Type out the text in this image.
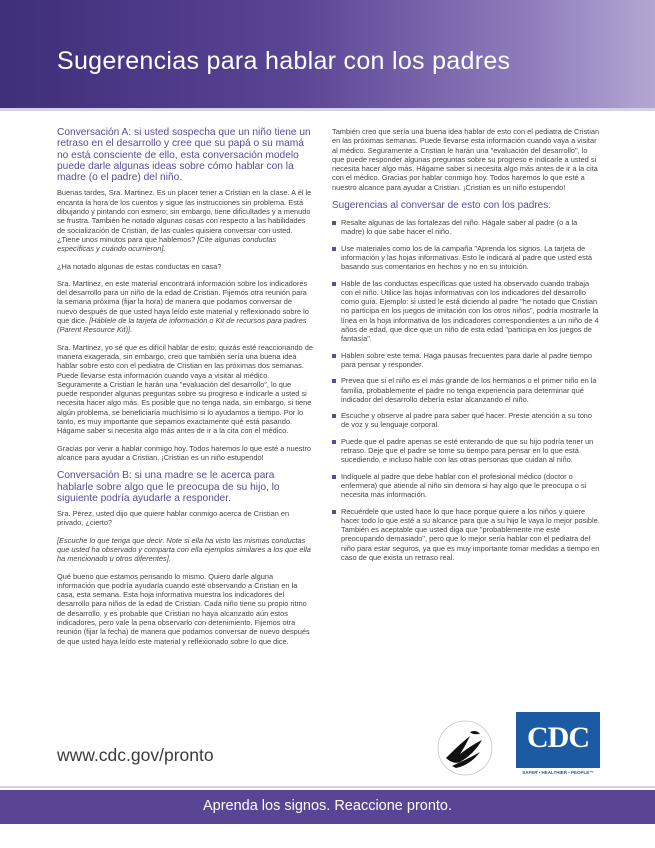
Sugerencias para hablar con los padres
Conversación A: si usted sospecha que un niño tiene un retraso en el desarrollo y cree que su papá o su mamá no está consciente de ello, esta conversación modelo puede darle algunas ideas sobre cómo hablar con la madre (o el padre) del niño.
Buenas tardes, Sra. Martinez. Es un placer tener a Cristian en la clase. A él le encanta la hora de los cuentos y sigue las instrucciones sin problema. Está dibujando y pintando con esmero; sin embargo, tiene dificultades y a menudo se frustra. También he notado algunas cosas con respecto a las habilidades de socialización de Cristian, de las cuales quisiera conversar con usted. ¿Tiene unos minutos para que hablemos? [Cite algunas conductas específicas y cuándo ocurrieron].
¿Ha notado algunas de estas conductas en casa?
Sra. Martinez, en este material encontrará información sobre los indicadores del desarrollo para un niño de la edad de Cristian. Fijemos otra reunión para la semana próxima (fijar la hora) de manera que podamos conversar de nuevo después de que usted haya leído este material y reflexionado sobre lo que dice. [Háblele de la tarjeta de información o Kit de recursos para padres (Parent Resource Kit)].
Sra. Martinez, yo sé que es difícil hablar de esto; quizás esté reaccionando de manera exagerada, sin embargo, creo que también sería una buena idea hablar sobre esto con el pediatra de Cristian en las próximas dos semanas. Puede llevarse esta información cuando vaya a visitar al médico. Seguramente a Cristian le harán una "evaluación del desarrollo", lo que puede responder algunas preguntas sobre su progreso e indicarle a usted si necesita hacer algo más. Es posible que no tenga nada, sin embargo, si tiene algún problema, se beneficiaría muchísimo si lo ayudamos a tiempo. Por lo tanto, es muy importante que sepamos exactamente qué está pasando. Hágame saber si necesita algo más antes de ir a la cita con el médico.
Gracias por venir a hablar conmigo hoy. Todos haremos lo que esté a nuestro alcance para ayudar a Cristian. ¡Cristian es un niño estupendo!
Conversación B: si una madre se le acerca para hablarle sobre algo que le preocupa de su hijo, lo siguiente podría ayudarle a responder.
Sra. Pérez, usted dijo que quiere hablar conmigo acerca de Cristian en privado, ¿cierto?
[Escuche lo que tenga que decir. Note si ella ha visto las mismas conductas que usted ha observado y comparta con ella ejemplos similares a los que ella ha mencionado u otros diferentes].
Qué bueno que estamos pensando lo mismo. Quiero darle alguna información que podría ayudarla cuando esté observando a Cristian en la casa, esta semana. Esta hoja informativa muestra los indicadores del desarrollo para niños de la edad de Cristian. Cada niño tiene su propio ritmo de desarrollo, y es probable que Cristian no haya alcanzado aún estos indicadores, pero vale la pena observarlo con detenimiento. Fijemos otra reunión (fijar la fecha) de manera que podamos conversar de nuevo después de que usted haya leído este material y reflexionado sobre lo que dice.
También creo que sería una buena idea hablar de esto con el pediatra de Cristian en las próximas semanas. Puede llevarse esta información cuando vaya a visitar al médico. Seguramente a Cristian le harán una "evaluación del desarrollo", lo que puede responder algunas preguntas sobre su progreso e indicarle a usted si necesita hacer algo más. Hágame saber si necesita algo más antes de ir a la cita con el médico. Gracias por hablar conmigo hoy. Todos haremos lo que esté a nuestro alcance para ayudar a Cristian. ¡Cristian es un niño estupendo!
Sugerencias al conversar de esto con los padres:
Resalte algunas de las fortalezas del niño. Hágale saber al padre (o a la madre) lo que sabe hacer el niño.
Use materiales como los de la campaña "Aprenda los signos. La tarjeta de información y las hojas informativas. Esto le indicará al padre que usted está basando sus comentarios en hechos y no en su intuición.
Hable de las conductas específicas que usted ha observado cuando trabaja con el niño. Utilice las hojas informativas con los indicadores del desarrollo como guía. Ejemplo: si usted le está diciendo al padre "he notado que Cristian no participa en los juegos de imitación con los otros niños", podría mostrarle la línea en la hoja informativa de los indicadores correspondientes a un niño de 4 años de edad, que dice que un niño de esta edad "participa en los juegos de fantasía".
Hablen sobre este tema. Haga pausas frecuentes para darle al padre tiempo para pensar y responder.
Prevea que si el niño es el más grande de los hermanos o el primer niño en la familia, probablemente el padre no tenga experiencia para determinar qué indicador del desarrollo debería estar alcanzando el niño.
Escuche y observe al padre para saber qué hacer. Preste atención a su tono de voz y su lenguaje corporal.
Puede que el padre apenas se esté enterando de que su hijo podría tener un retraso. Deje que el padre se tome su tiempo para pensar en lo que está sucediendo, e incluso hable con las otras personas que cuidan al niño.
Indíquele al padre que debe hablar con el profesional médico (doctor o enfermera) que atiende al niño sin demora si hay algo que le preocupa o si necesita más información.
Recuérdele que usted hace lo que hace porque quiere a los niños y quiere hacer todo lo que esté a su alcance para que a su hijo le vaya lo mejor posible. También es aceptable que usted diga que "probablemente me esté preocupando demasiado", pero que lo mejor sería hablar con el pediatra del niño para estar seguros, ya que es muy importante tomar medidas a tiempo en caso de que exista un retraso real.
www.cdc.gov/pronto
CDC
SAFER • HEALTHIER • PEOPLE™
Aprenda los signos. Reaccione pronto.
